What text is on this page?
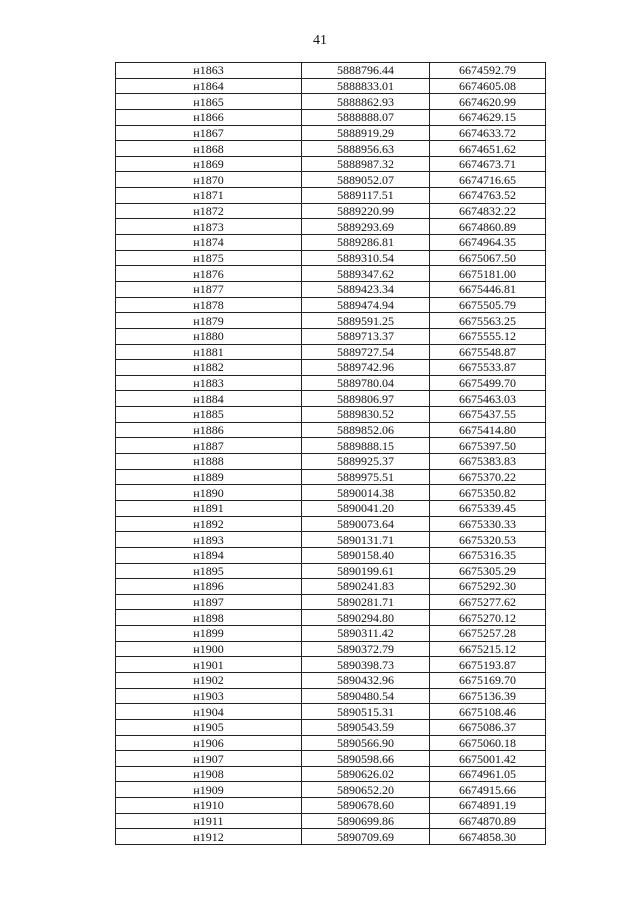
41
н1863	5888796.44	6674592.79
н1864	5888833.01	6674605.08
н1865	5888862.93	6674620.99
н1866	5888888.07	6674629.15
н1867	5888919.29	6674633.72
н1868	5888956.63	6674651.62
н1869	5888987.32	6674673.71
н1870	5889052.07	6674716.65
н1871	5889117.51	6674763.52
н1872	5889220.99	6674832.22
н1873	5889293.69	6674860.89
н1874	5889286.81	6674964.35
н1875	5889310.54	6675067.50
н1876	5889347.62	6675181.00
н1877	5889423.34	6675446.81
н1878	5889474.94	6675505.79
н1879	5889591.25	6675563.25
н1880	5889713.37	6675555.12
н1881	5889727.54	6675548.87
н1882	5889742.96	6675533.87
н1883	5889780.04	6675499.70
н1884	5889806.97	6675463.03
н1885	5889830.52	6675437.55
н1886	5889852.06	6675414.80
н1887	5889888.15	6675397.50
н1888	5889925.37	6675383.83
н1889	5889975.51	6675370.22
н1890	5890014.38	6675350.82
н1891	5890041.20	6675339.45
н1892	5890073.64	6675330.33
н1893	5890131.71	6675320.53
н1894	5890158.40	6675316.35
н1895	5890199.61	6675305.29
н1896	5890241.83	6675292.30
н1897	5890281.71	6675277.62
н1898	5890294.80	6675270.12
н1899	5890311.42	6675257.28
н1900	5890372.79	6675215.12
н1901	5890398.73	6675193.87
н1902	5890432.96	6675169.70
н1903	5890480.54	6675136.39
н1904	5890515.31	6675108.46
н1905	5890543.59	6675086.37
н1906	5890566.90	6675060.18
н1907	5890598.66	6675001.42
н1908	5890626.02	6674961.05
н1909	5890652.20	6674915.66
н1910	5890678.60	6674891.19
н1911	5890699.86	6674870.89
н1912	5890709.69	6674858.30
